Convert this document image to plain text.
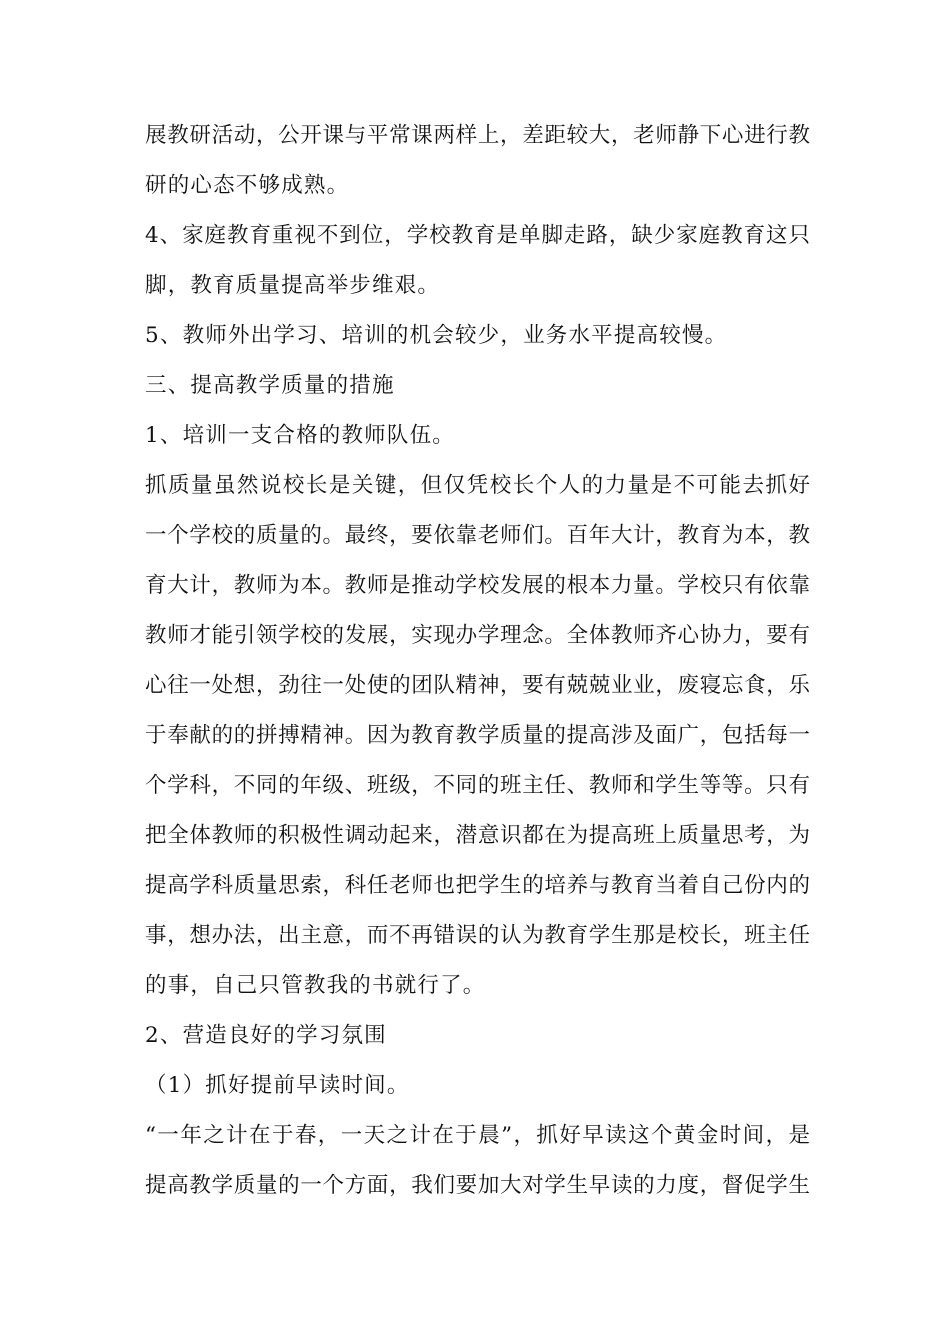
展教研活动，公开课与平常课两样上，差距较大，老师静下心进行教
研的心态不够成熟。
4、家庭教育重视不到位，学校教育是单脚走路，缺少家庭教育这只
脚，教育质量提高举步维艰。
5、教师外出学习、培训的机会较少，业务水平提高较慢。
三、提高教学质量的措施
1、培训一支合格的教师队伍。
抓质量虽然说校长是关键，但仅凭校长个人的力量是不可能去抓好
一个学校的质量的。最终，要依靠老师们。百年大计，教育为本，教
育大计，教师为本。教师是推动学校发展的根本力量。学校只有依靠
教师才能引领学校的发展，实现办学理念。全体教师齐心协力，要有
心往一处想，劲往一处使的团队精神，要有兢兢业业，废寝忘食，乐
于奉献的的拼搏精神。因为教育教学质量的提高涉及面广，包括每一
个学科，不同的年级、班级，不同的班主任、教师和学生等等。只有
把全体教师的积极性调动起来，潜意识都在为提高班上质量思考，为
提高学科质量思索，科任老师也把学生的培养与教育当着自己份内的
事，想办法，出主意，而不再错误的认为教育学生那是校长，班主任
的事，自己只管教我的书就行了。
2、营造良好的学习氛围
（1）抓好提前早读时间。
“一年之计在于春，一天之计在于晨”，抓好早读这个黄金时间，是
提高教学质量的一个方面，我们要加大对学生早读的力度，督促学生
